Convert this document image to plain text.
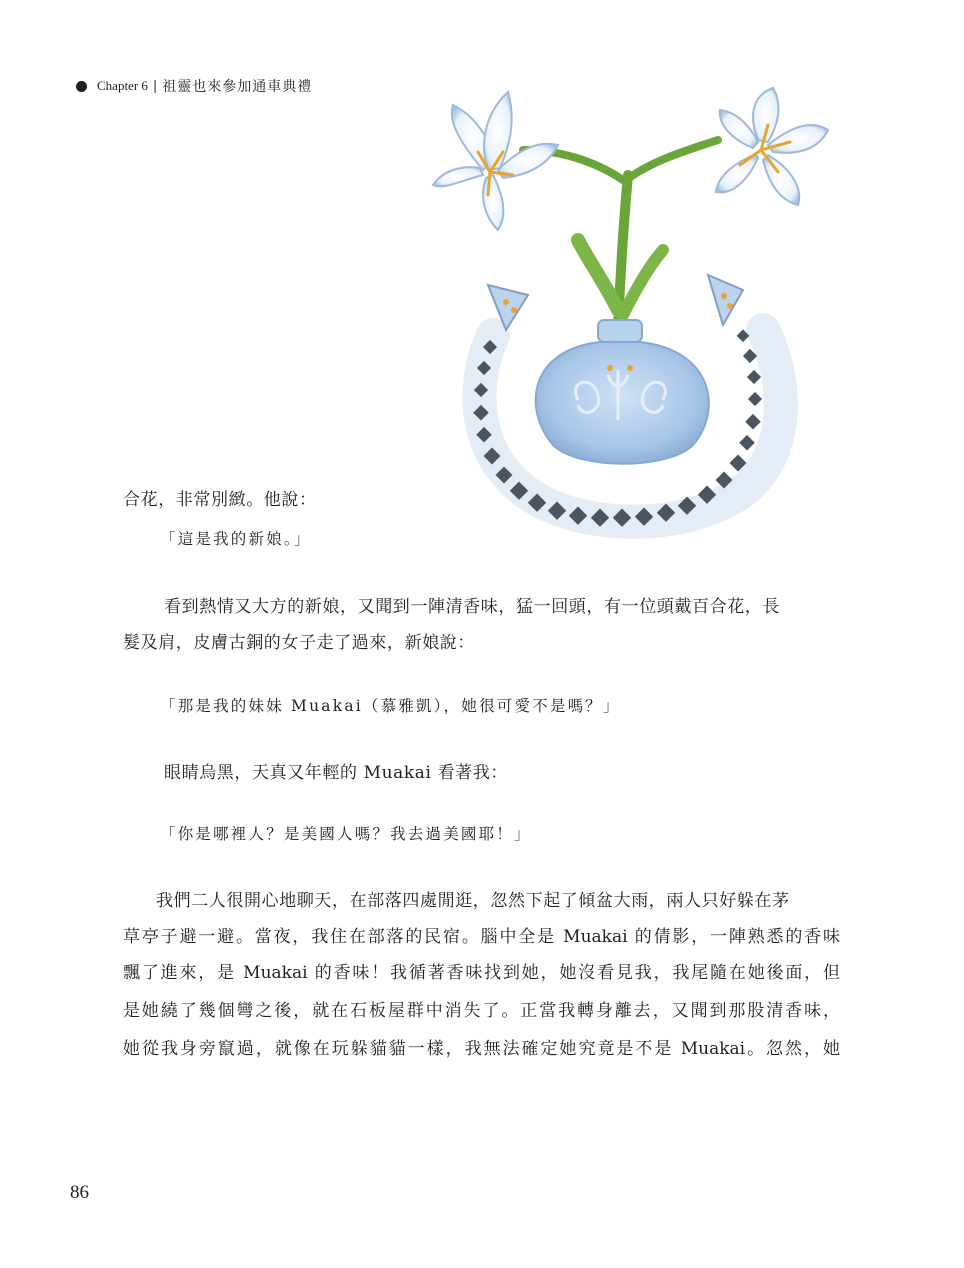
Chapter 6 | 祖靈也來參加通車典禮
合花，非常別緻。他說：
「這是我的新娘。」
看到熱情又大方的新娘，又聞到一陣清香味，猛一回頭，有一位頭戴百合花，長
髮及肩，皮膚古銅的女子走了過來，新娘說：
「那是我的妹妹 Muakai（慕雅凱），她很可愛不是嗎？」
眼睛烏黑，天真又年輕的 Muakai 看著我：
「你是哪裡人？是美國人嗎？我去過美國耶！」
我們二人很開心地聊天，在部落四處閒逛，忽然下起了傾盆大雨，兩人只好躲在茅
草亭子避一避。當夜，我住在部落的民宿。腦中全是 Muakai 的倩影，一陣熟悉的香味
飄了進來，是 Muakai 的香味！我循著香味找到她，她沒看見我，我尾隨在她後面，但
是她繞了幾個彎之後，就在石板屋群中消失了。正當我轉身離去，又聞到那股清香味，
她從我身旁竄過，就像在玩躲貓貓一樣，我無法確定她究竟是不是 Muakai。忽然，她
86
